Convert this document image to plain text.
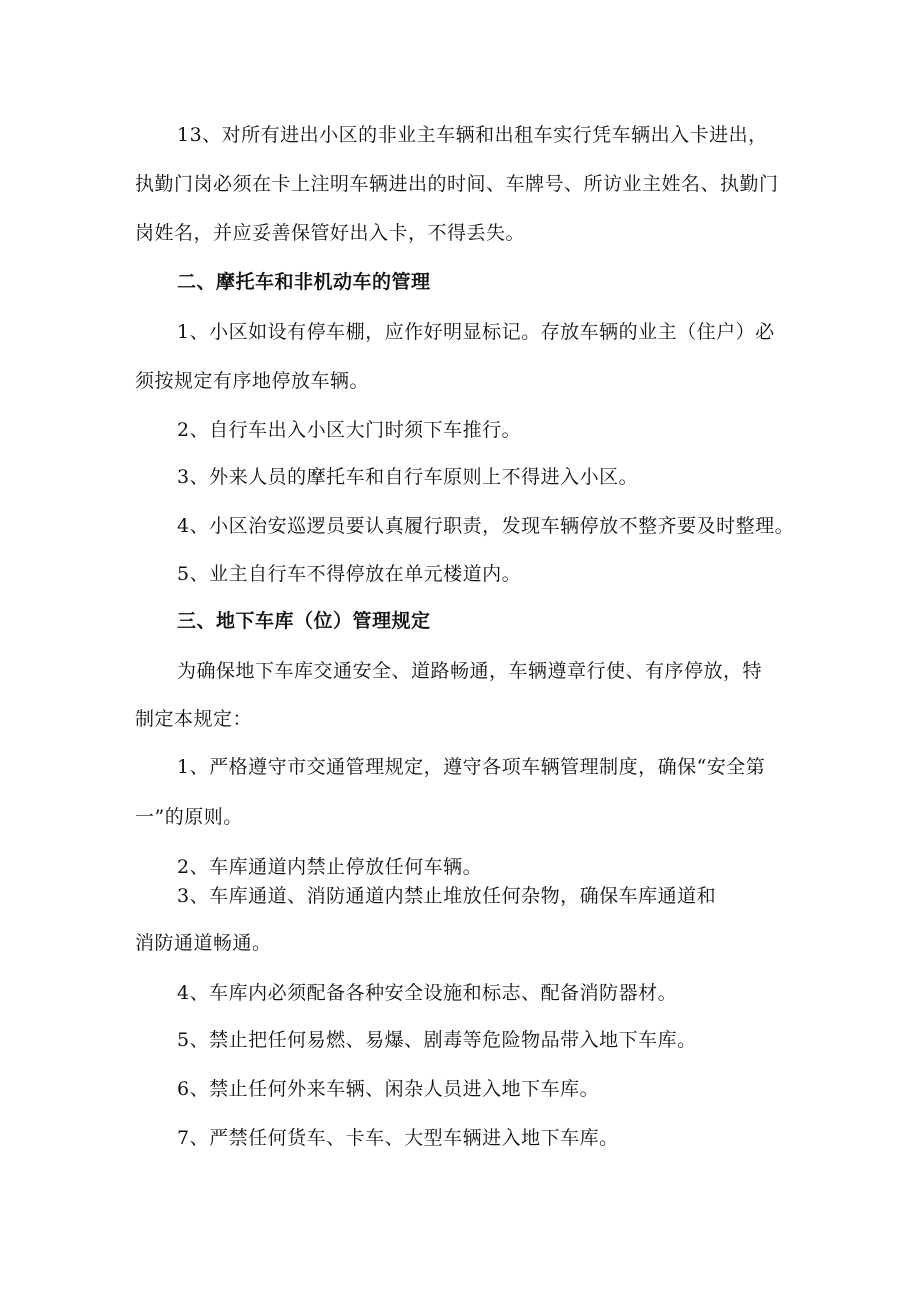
13、对所有进出小区的非业主车辆和出租车实行凭车辆出入卡进出，
执勤门岗必须在卡上注明车辆进出的时间、车牌号、所访业主姓名、执勤门
岗姓名，并应妥善保管好出入卡，不得丢失。
二、摩托车和非机动车的管理
1、小区如设有停车棚，应作好明显标记。存放车辆的业主（住户）必
须按规定有序地停放车辆。
2、自行车出入小区大门时须下车推行。
3、外来人员的摩托车和自行车原则上不得进入小区。
4、小区治安巡逻员要认真履行职责，发现车辆停放不整齐要及时整理。
5、业主自行车不得停放在单元楼道内。
三、地下车库（位）管理规定
为确保地下车库交通安全、道路畅通，车辆遵章行使、有序停放，特
制定本规定：
1、严格遵守市交通管理规定，遵守各项车辆管理制度，确保“安全第
一”的原则。
2、车库通道内禁止停放任何车辆。
3、车库通道、消防通道内禁止堆放任何杂物，确保车库通道和
消防通道畅通。
4、车库内必须配备各种安全设施和标志、配备消防器材。
5、禁止把任何易燃、易爆、剧毒等危险物品带入地下车库。
6、禁止任何外来车辆、闲杂人员进入地下车库。
7、严禁任何货车、卡车、大型车辆进入地下车库。
